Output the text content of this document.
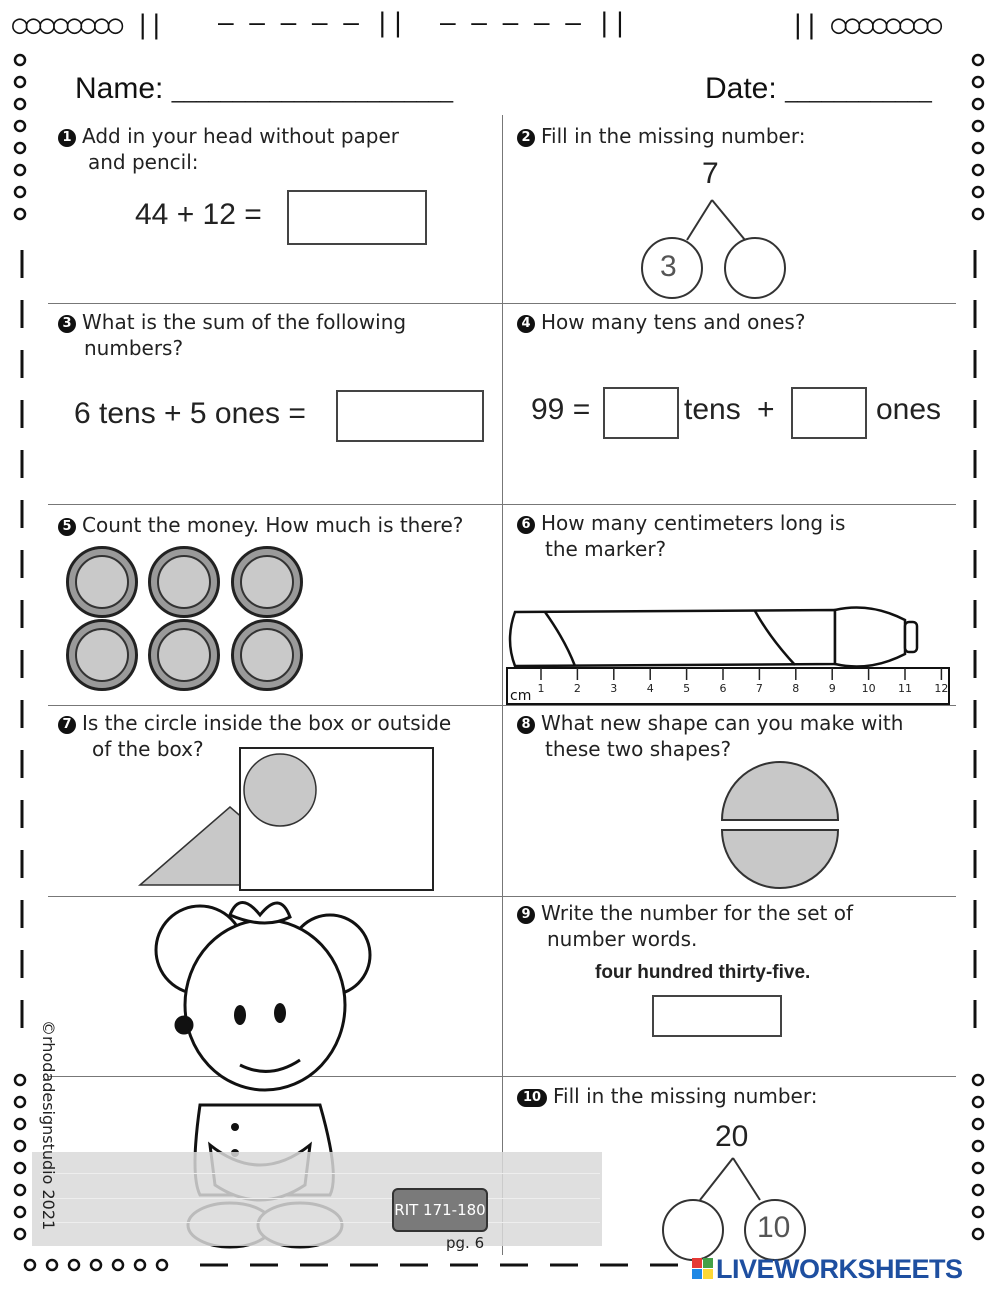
○○○○○○○○ || — — — — — || — — — — — ||	|| ○○○○○○○○
Name: _______________________	Date: ____________
1 Add in your head without paper
and pencil:
44 + 12 =
2 Fill in the missing number:
7
3
3 What is the sum of the following
numbers?
6 tens + 5 ones =
4 How many tens and ones?
99 =	tens +	ones
5 Count the money. How much is there?	6 How many centimeters long is
the marker?
1	2	3	4	5	6	7	8	9 10 11 12
cm
7 Is the circle inside the box or outside
of the box?
8 What new shape can you make with
these two shapes?
9 Write the number for the set of
number words.
four hundred thirty-five.
10 Fill in the missing number:
20
10
RIT 171-180
pg. 6
©rhodadesignstudio 2021
LIVEWORKSHEETS
